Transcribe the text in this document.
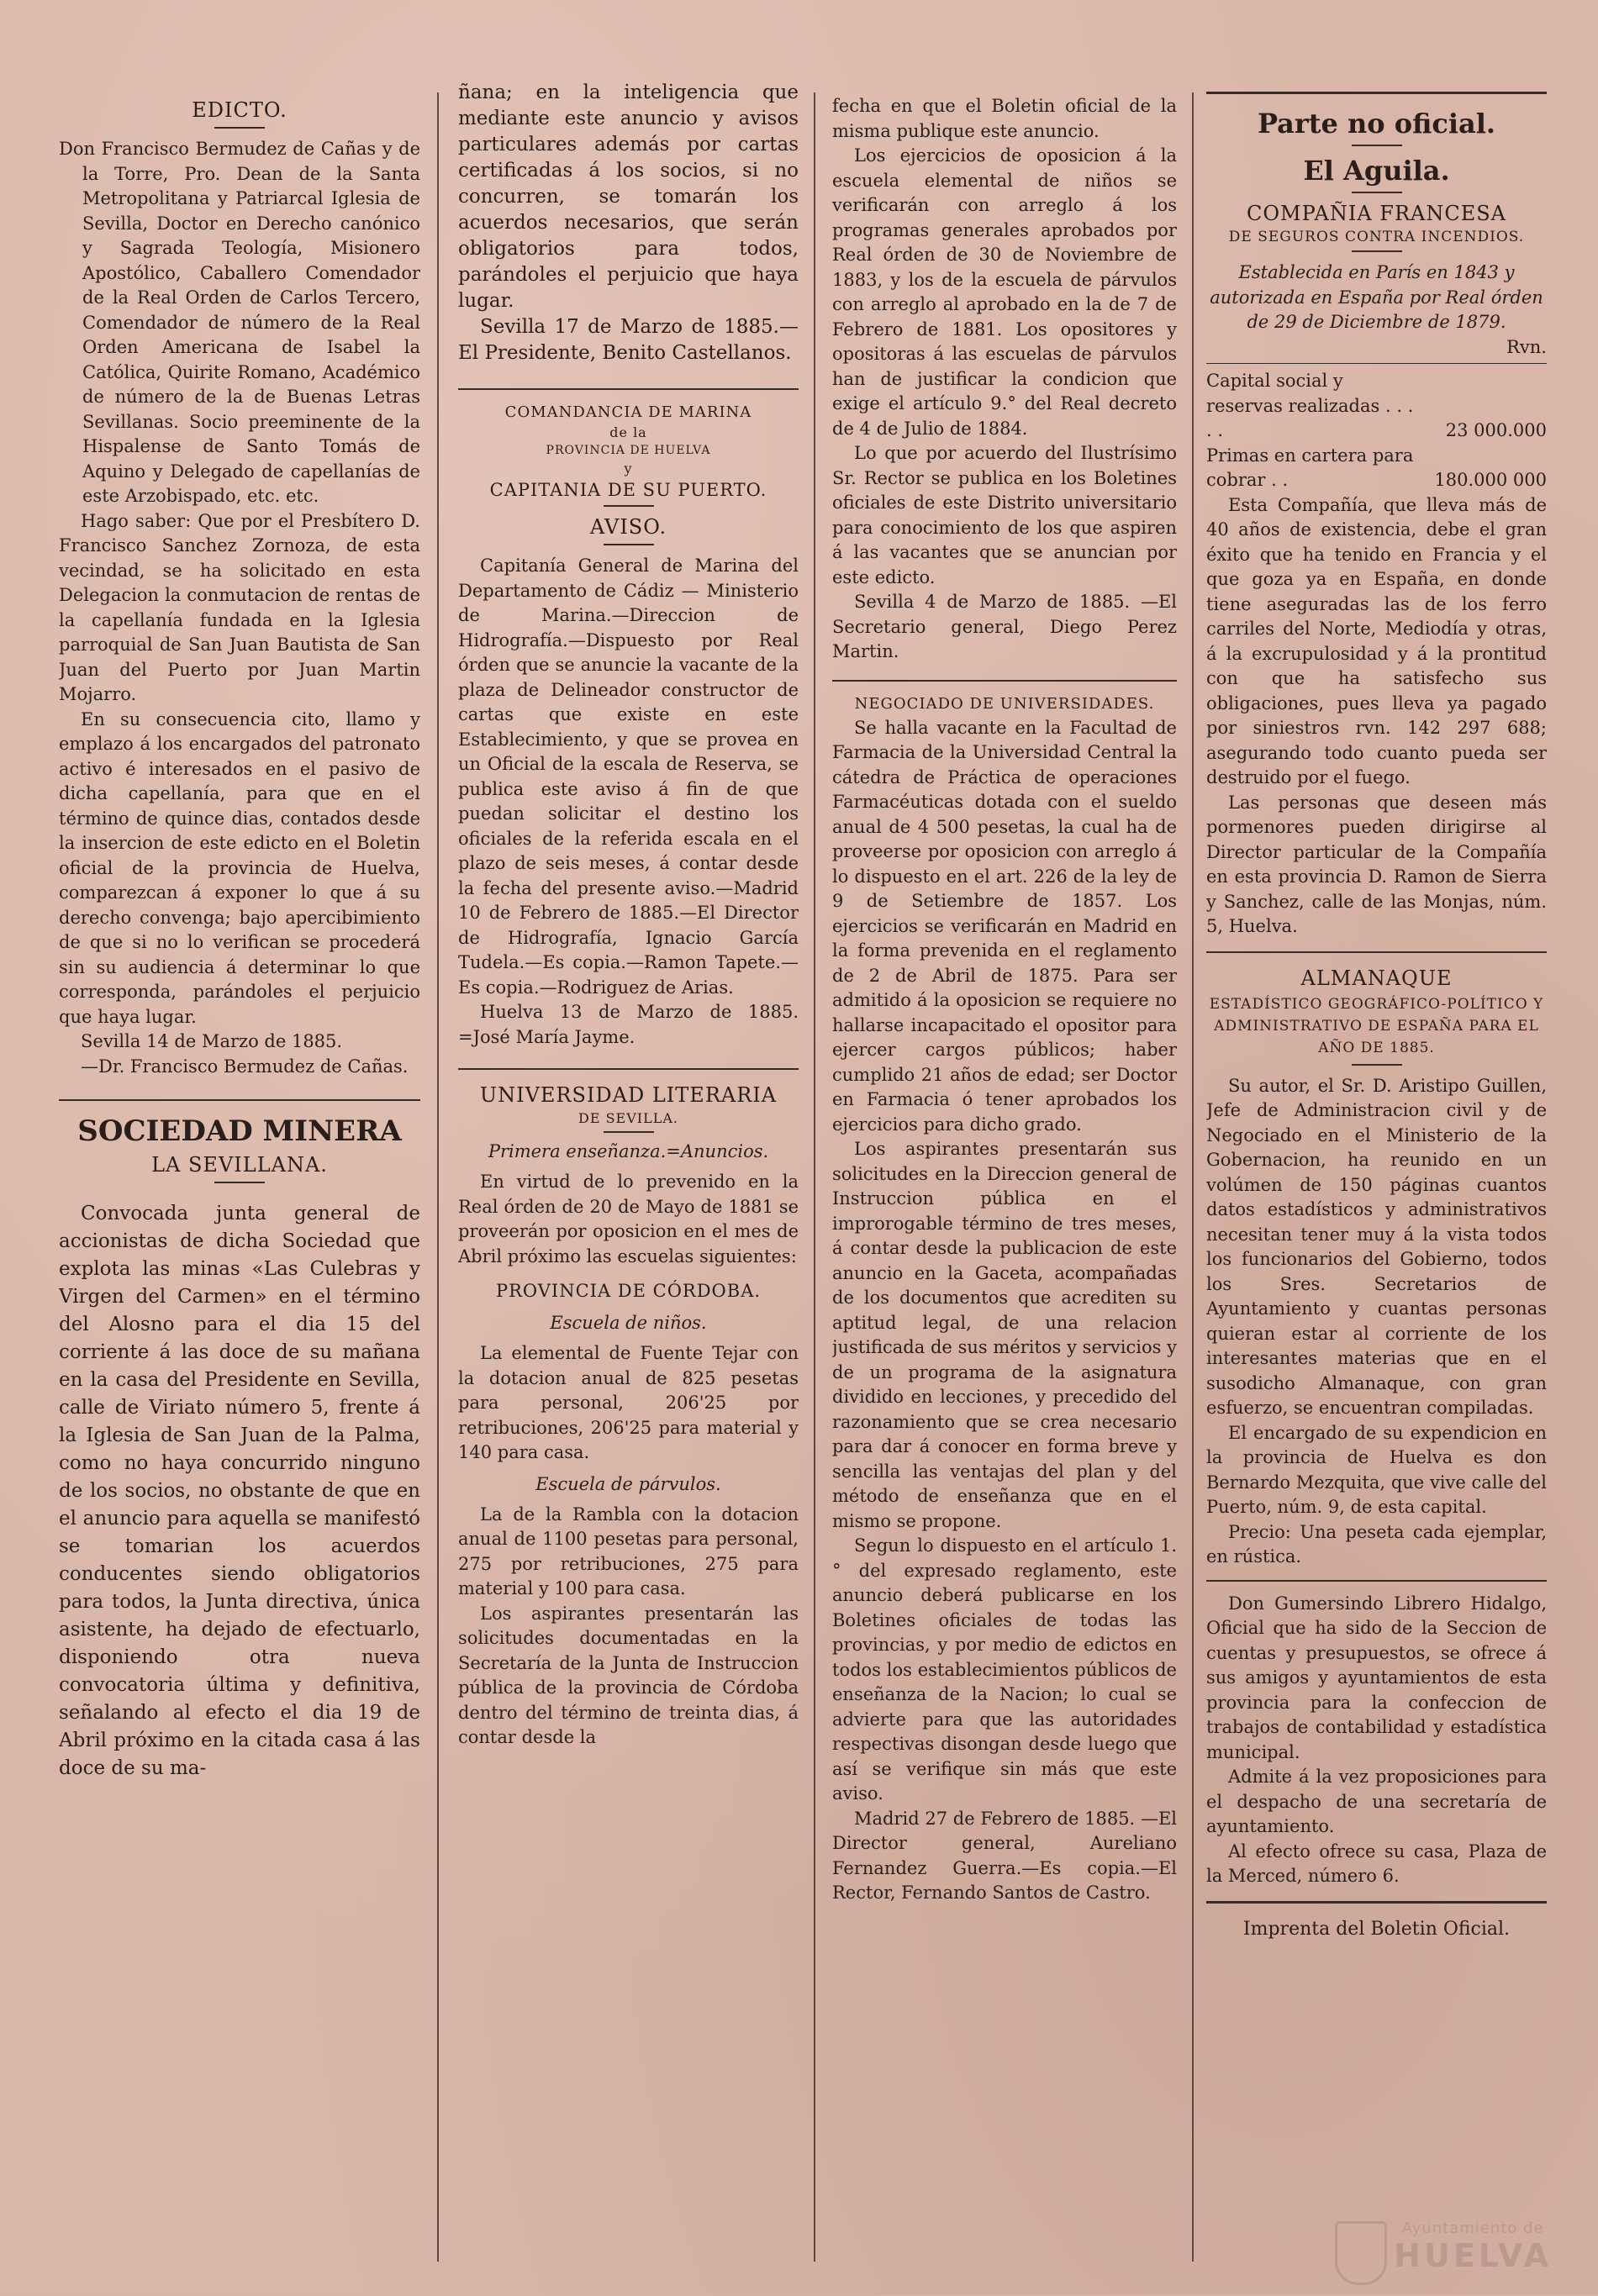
EDICTO.

Don Francisco Bermudez de Cañas y de la Torre, Pro. Dean de la Santa Metropolitana y Patriarcal Iglesia de Sevilla, Doctor en Derecho canónico y Sagrada Teología, Misionero Apostólico, Caballero Comendador de la Real Orden de Carlos Tercero, Comendador de número de la Real Orden Americana de Isabel la Católica, Quirite Romano, Académico de número de la de Buenas Letras Sevillanas. Socio preeminente de la Hispalense de Santo Tomás de Aquino y Delegado de capellanías de este Arzobispado, etc. etc.

Hago saber: Que por el Presbítero D. Francisco Sanchez Zornoza, de esta vecindad, se ha solicitado en esta Delegacion la conmutacion de rentas de la capellanía fundada en la Iglesia parroquial de San Juan Bautista de San Juan del Puerto por Juan Martin Mojarro.

En su consecuencia cito, llamo y emplazo á los encargados del patronato activo é interesados en el pasivo de dicha capellanía, para que en el término de quince dias, contados desde la insercion de este edicto en el Boletin oficial de la provincia de Huelva, comparezcan á exponer lo que á su derecho convenga; bajo apercibimiento de que si no lo verifican se procederá sin su audiencia á determinar lo que corresponda, parándoles el perjuicio que haya lugar.

Sevilla 14 de Marzo de 1885.

—Dr. Francisco Bermudez de Cañas.

SOCIEDAD MINERA
LA SEVILLANA.

Convocada junta general de accionistas de dicha Sociedad que explota las minas «Las Culebras y Virgen del Carmen» en el término del Alosno para el dia 15 del corriente á las doce de su mañana en la casa del Presidente en Sevilla, calle de Viriato número 5, frente á la Iglesia de San Juan de la Palma, como no haya concurrido ninguno de los socios, no obstante de que en el anuncio para aquella se manifestó se tomarian los acuerdos conducentes siendo obligatorios para todos, la Junta directiva, única asistente, ha dejado de efectuarlo, disponiendo otra nueva convocatoria última y definitiva, señalando al efecto el dia 19 de Abril próximo en la citada casa á las doce de su ma-

ñana; en la inteligencia que mediante este anuncio y avisos particulares además por cartas certificadas á los socios, si no concurren, se tomarán los acuerdos necesarios, que serán obligatorios para todos, parándoles el perjuicio que haya lugar.

Sevilla 17 de Marzo de 1885.—El Presidente, Benito Castellanos.

COMANDANCIA DE MARINA
de la
PROVINCIA DE HUELVA
y
CAPITANIA DE SU PUERTO.
AVISO.

Capitanía General de Marina del Departamento de Cádiz — Ministerio de Marina.—Direccion de Hidrografía.—Dispuesto por Real órden que se anuncie la vacante de la plaza de Delineador constructor de cartas que existe en este Establecimiento, y que se provea en un Oficial de la escala de Reserva, se publica este aviso á fin de que puedan solicitar el destino los oficiales de la referida escala en el plazo de seis meses, á contar desde la fecha del presente aviso.—Madrid 10 de Febrero de 1885.—El Director de Hidrografía, Ignacio García Tudela.—Es copia.—Ramon Tapete.—Es copia.—Rodriguez de Arias.

Huelva 13 de Marzo de 1885. =José María Jayme.

UNIVERSIDAD LITERARIA
DE SEVILLA.
Primera enseñanza.=Anuncios.

En virtud de lo prevenido en la Real órden de 20 de Mayo de 1881 se proveerán por oposicion en el mes de Abril próximo las escuelas siguientes:

PROVINCIA DE CÓRDOBA.
Escuela de niños.

La elemental de Fuente Tejar con la dotacion anual de 825 pesetas para personal, 206'25 por retribuciones, 206'25 para material y 140 para casa.

Escuela de párvulos.

La de la Rambla con la dotacion anual de 1100 pesetas para personal, 275 por retribuciones, 275 para material y 100 para casa.

Los aspirantes presentarán las solicitudes documentadas en la Secretaría de la Junta de Instruccion pública de la provincia de Córdoba dentro del término de treinta dias, á contar desde la

fecha en que el Boletin oficial de la misma publique este anuncio.

Los ejercicios de oposicion á la escuela elemental de niños se verificarán con arreglo á los programas generales aprobados por Real órden de 30 de Noviembre de 1883, y los de la escuela de párvulos con arreglo al aprobado en la de 7 de Febrero de 1881. Los opositores y opositoras á las escuelas de párvulos han de justificar la condicion que exige el artículo 9.° del Real decreto de 4 de Julio de 1884.

Lo que por acuerdo del Ilustrísimo Sr. Rector se publica en los Boletines oficiales de este Distrito universitario para conocimiento de los que aspiren á las vacantes que se anuncian por este edicto.

Sevilla 4 de Marzo de 1885. —El Secretario general, Diego Perez Martin.

NEGOCIADO DE UNIVERSIDADES.

Se halla vacante en la Facultad de Farmacia de la Universidad Central la cátedra de Práctica de operaciones Farmacéuticas dotada con el sueldo anual de 4 500 pesetas, la cual ha de proveerse por oposicion con arreglo á lo dispuesto en el art. 226 de la ley de 9 de Setiembre de 1857. Los ejercicios se verificarán en Madrid en la forma prevenida en el reglamento de 2 de Abril de 1875. Para ser admitido á la oposicion se requiere no hallarse incapacitado el opositor para ejercer cargos públicos; haber cumplido 21 años de edad; ser Doctor en Farmacia ó tener aprobados los ejercicios para dicho grado.

Los aspirantes presentarán sus solicitudes en la Direccion general de Instruccion pública en el improrogable término de tres meses, á contar desde la publicacion de este anuncio en la Gaceta, acompañadas de los documentos que acrediten su aptitud legal, de una relacion justificada de sus méritos y servicios y de un programa de la asignatura dividido en lecciones, y precedido del razonamiento que se crea necesario para dar á conocer en forma breve y sencilla las ventajas del plan y del método de enseñanza que en el mismo se propone.

Segun lo dispuesto en el artículo 1.° del expresado reglamento, este anuncio deberá publicarse en los Boletines oficiales de todas las provincias, y por medio de edictos en todos los establecimientos públicos de enseñanza de la Nacion; lo cual se advierte para que las autoridades respectivas disongan desde luego que así se verifique sin más que este aviso.

Madrid 27 de Febrero de 1885. —El Director general, Aureliano Fernandez Guerra.—Es copia.—El Rector, Fernando Santos de Castro.

Parte no oficial.
El Aguila.
COMPAÑIA FRANCESA
DE SEGUROS CONTRA INCENDIOS.

Establecida en París en 1843 y autorizada en España por Real órden de 29 de Diciembre de 1879.

Rvn.

Capital social y reservas realizadas . . . . .	23 000.000
Primas en cartera para cobrar . .	180.000 000

Esta Compañía, que lleva más de 40 años de existencia, debe el gran éxito que ha tenido en Francia y el que goza ya en España, en donde tiene aseguradas las de los ferro carriles del Norte, Mediodía y otras, á la excrupulosidad y á la prontitud con que ha satisfecho sus obligaciones, pues lleva ya pagado por siniestros rvn. 142 297 688; asegurando todo cuanto pueda ser destruido por el fuego.

Las personas que deseen más pormenores pueden dirigirse al Director particular de la Compañía en esta provincia D. Ramon de Sierra y Sanchez, calle de las Monjas, núm. 5, Huelva.

ALMANAQUE
ESTADÍSTICO GEOGRÁFICO-POLÍTICO Y ADMINISTRATIVO DE ESPAÑA PARA EL AÑO DE 1885.

Su autor, el Sr. D. Aristipo Guillen, Jefe de Administracion civil y de Negociado en el Ministerio de la Gobernacion, ha reunido en un volúmen de 150 páginas cuantos datos estadísticos y administrativos necesitan tener muy á la vista todos los funcionarios del Gobierno, todos los Sres. Secretarios de Ayuntamiento y cuantas personas quieran estar al corriente de los interesantes materias que en el susodicho Almanaque, con gran esfuerzo, se encuentran compiladas.

El encargado de su expendicion en la provincia de Huelva es don Bernardo Mezquita, que vive calle del Puerto, núm. 9, de esta capital.

Precio: Una peseta cada ejemplar, en rústica.

Don Gumersindo Librero Hidalgo, Oficial que ha sido de la Seccion de cuentas y presupuestos, se ofrece á sus amigos y ayuntamientos de esta provincia para la confeccion de trabajos de contabilidad y estadística municipal.

Admite á la vez proposiciones para el despacho de una secretaría de ayuntamiento.

Al efecto ofrece su casa, Plaza de la Merced, número 6.

Imprenta del Boletin Oficial.
Ayuntamiento de
HUELVA
